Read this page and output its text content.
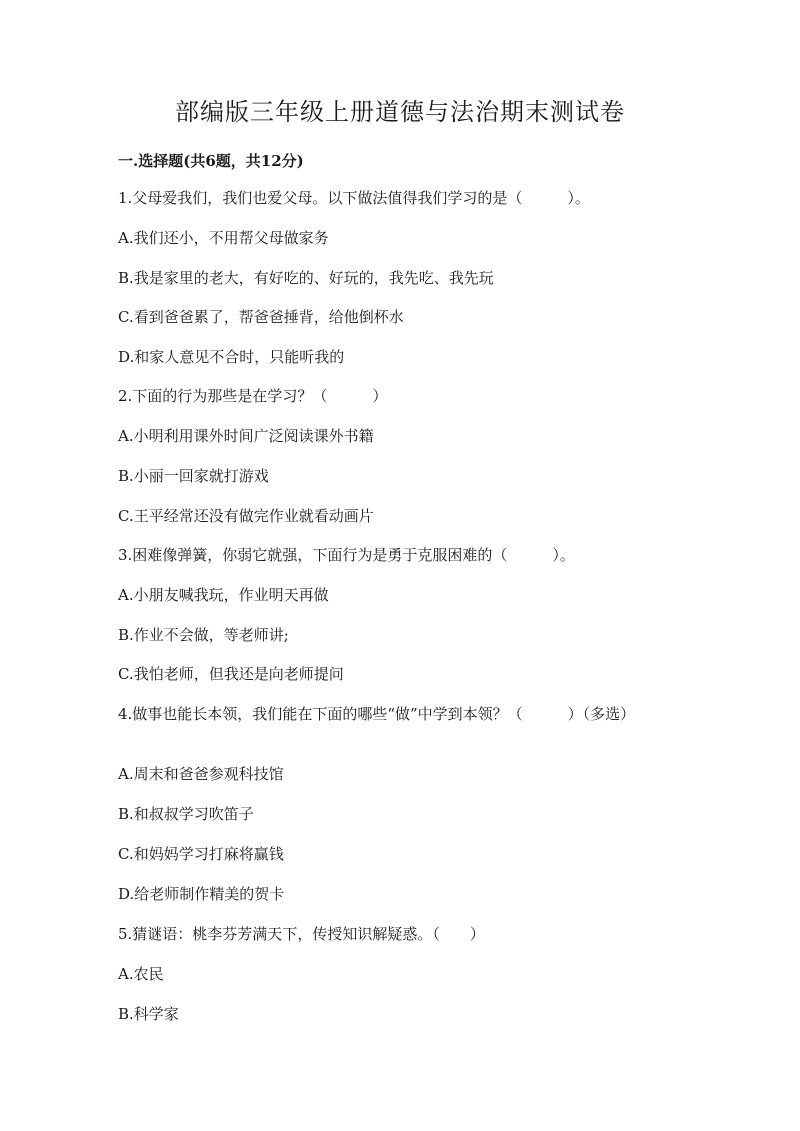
部编版三年级上册道德与法治期末测试卷

一.选择题(共6题，共12分)

1.父母爱我们，我们也爱父母。以下做法值得我们学习的是（　　　）。

A.我们还小，不用帮父母做家务

B.我是家里的老大，有好吃的、好玩的，我先吃、我先玩

C.看到爸爸累了，帮爸爸捶背，给他倒杯水

D.和家人意见不合时，只能听我的

2.下面的行为那些是在学习？（　　　）

A.小明利用课外时间广泛阅读课外书籍

B.小丽一回家就打游戏

C.王平经常还没有做完作业就看动画片

3.困难像弹簧，你弱它就强，下面行为是勇于克服困难的（　　　）。

A.小朋友喊我玩，作业明天再做

B.作业不会做，等老师讲;

C.我怕老师，但我还是向老师提问

4.做事也能长本领，我们能在下面的哪些“做”中学到本领？（　　　）（多选）

A.周末和爸爸参观科技馆

B.和叔叔学习吹笛子

C.和妈妈学习打麻将赢钱

D.给老师制作精美的贺卡

5.猜谜语：桃李芬芳满天下，传授知识解疑惑。（　　）

A.农民

B.科学家
